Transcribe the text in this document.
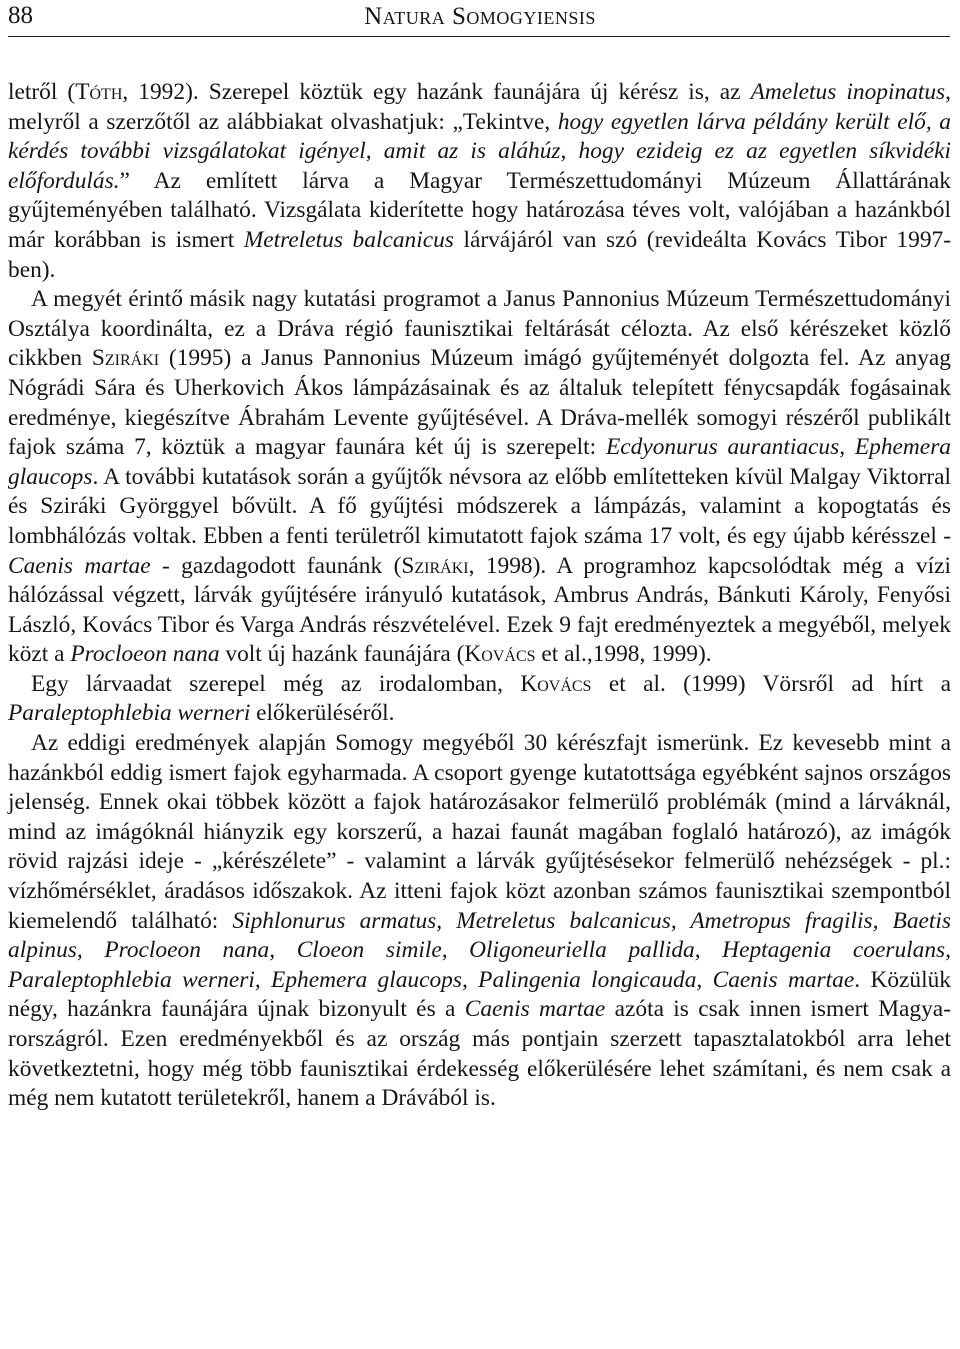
88	Natura Somogyiensis

letről (Tóth, 1992). Szerepel köztük egy hazánk faunájára új kérész is, az Ameletus inopinatus, melyről a szerzőtől az alábbiakat olvashatjuk: „Tekintve, hogy egyetlen lárva példány került elő, a kérdés további vizsgálatokat igényel, amit az is aláhúz, hogy ezideig ez az egyetlen síkvidéki előfordulás.” Az említett lárva a Magyar Természettudományi Múzeum Állattárának gyűjteményében található. Vizsgálata kiderítette hogy határozása téves volt, valójában a hazánkból már korábban is ismert Metreletus balcanicus lárvájáról van szó (revideálta Kovács Tibor 1997-ben).

A megyét érintő másik nagy kutatási programot a Janus Pannonius Múzeum Természettudományi Osztálya koordinálta, ez a Dráva régió faunisztikai feltárását célozta. Az első kérészeket közlő cikkben Sziráki (1995) a Janus Pannonius Múzeum imágó gyűjteményét dolgozta fel. Az anyag Nógrádi Sára és Uherkovich Ákos lámpázásainak és az általuk telepített fénycsapdák fogásainak eredménye, kiegészítve Ábrahám Levente gyűjtésével. A Dráva-mellék somogyi részéről publikált fajok száma 7, köztük a magyar faunára két új is szerepelt: Ecdyonurus aurantiacus, Ephemera glaucops. A további kutatások során a gyűjtők névsora az előbb említetteken kívül Malgay Viktorral és Sziráki Györggyel bővült. A fő gyűjtési módszerek a lámpázás, valamint a kopogtatás és lombhálózás voltak. Ebben a fenti területről kimutatott fajok száma 17 volt, és egy újabb kérésszel - Caenis martae - gazdagodott faunánk (Sziráki, 1998). A programhoz kapcsolódtak még a vízi hálózással végzett, lárvák gyűjtésére irányuló kutatások, Ambrus András, Bánkuti Károly, Fenyősi László, Kovács Tibor és Varga András részvételével. Ezek 9 fajt eredményeztek a megyéből, melyek közt a Procloeon nana volt új hazánk faunájára (Kovács et al.,1998, 1999).

Egy lárvaadat szerepel még az irodalomban, Kovács et al. (1999) Vörsről ad hírt a Paraleptophlebia werneri előkerüléséről.

Az eddigi eredmények alapján Somogy megyéből 30 kérészfajt ismerünk. Ez kevesebb mint a hazánkból eddig ismert fajok egyharmada. A csoport gyenge kutatottsága egyébként sajnos országos jelenség. Ennek okai többek között a fajok határozásakor felmerülő problémák (mind a lárváknál, mind az imágóknál hiányzik egy korszerű, a hazai faunát magában foglaló határozó), az imágók rövid rajzási ideje - „kérészélete” - valamint a lárvák gyűjtésésekor felmerülő nehézségek - pl.: vízhőmérséklet, áradásos időszakok. Az itteni fajok közt azonban számos faunisztikai szempontból kiemelendő található: Siphlonurus armatus, Metreletus balcanicus, Ametropus fragilis, Baetis alpinus, Procloeon nana, Cloeon simile, Oligoneuriella pallida, Heptagenia coerulans, Paraleptophlebia werneri, Ephemera glaucops, Palingenia longicauda, Caenis martae. Közülük négy, hazánkra faunájára újnak bizonyult és a Caenis martae azóta is csak innen ismert Magyarországról. Ezen eredményekből és az ország más pontjain szerzett tapasztalatokból arra lehet következtetni, hogy még több faunisztikai érdekesség előkerülésére lehet számítani, és nem csak a még nem kutatott területekről, hanem a Drávából is.
